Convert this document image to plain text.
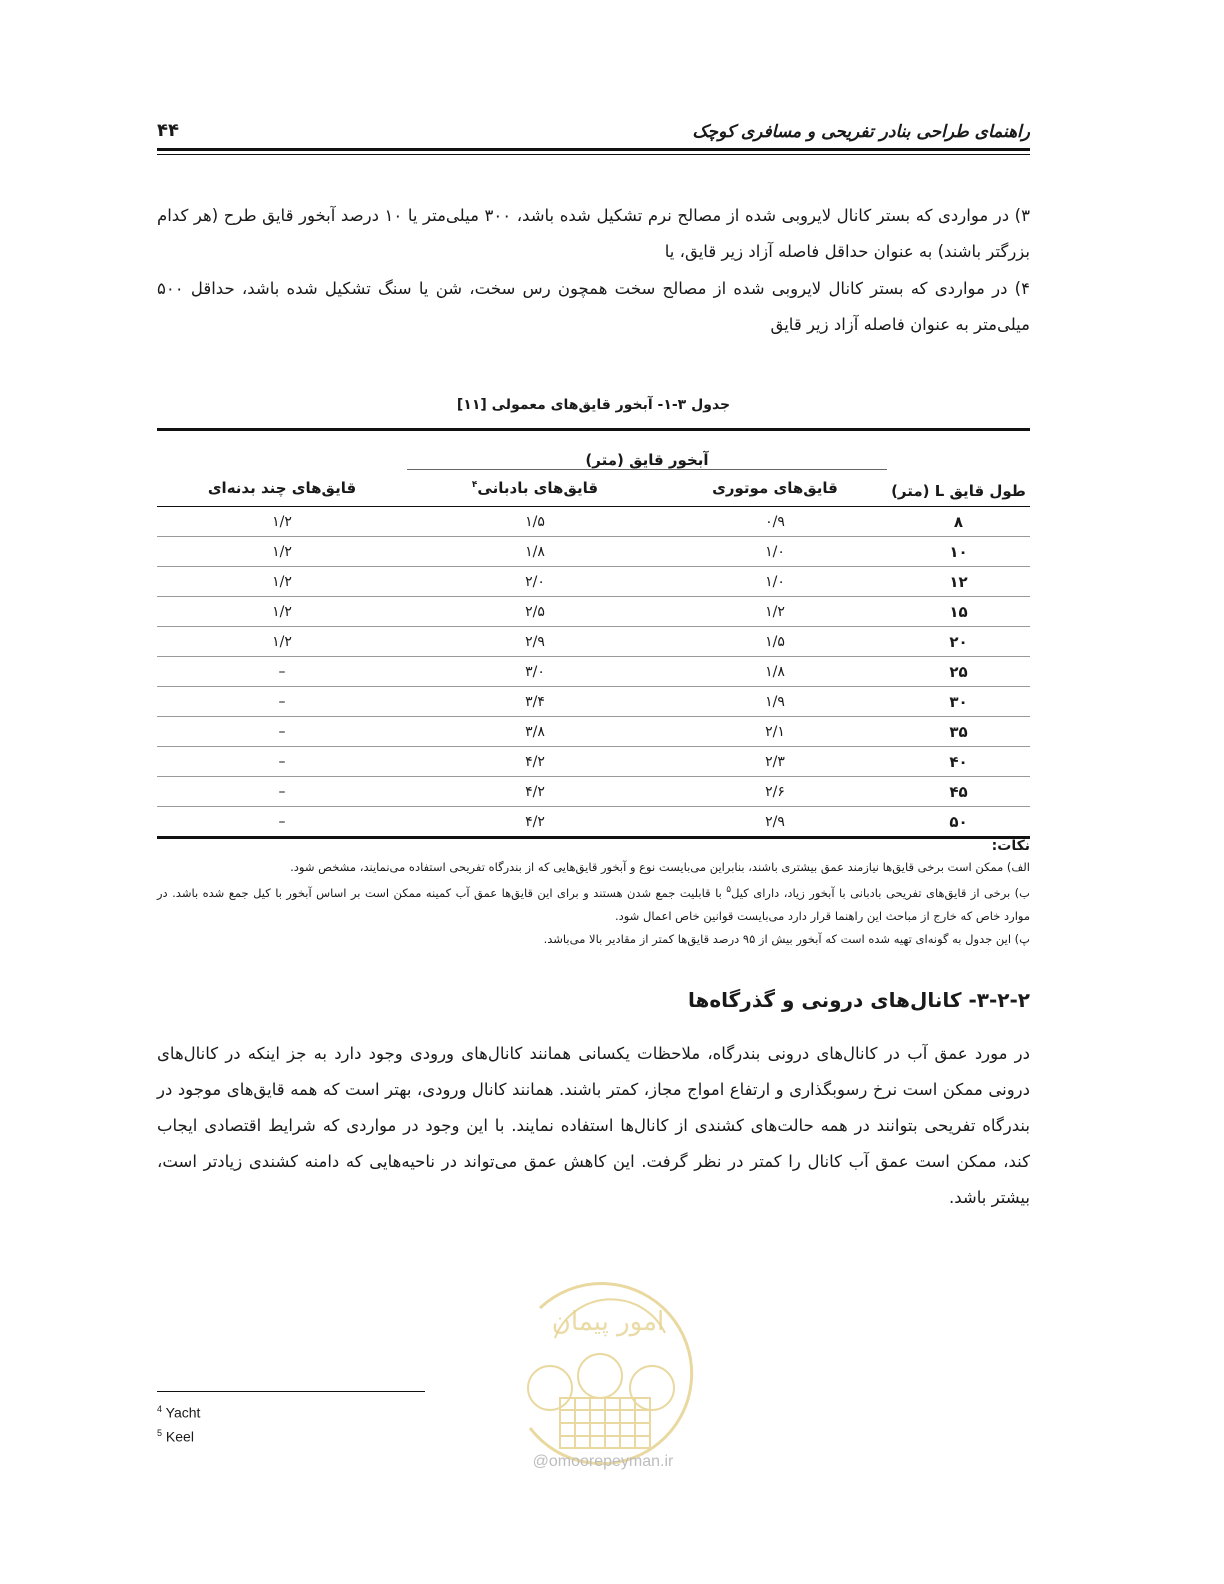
راهنمای طراحی بنادر تفریحی و مسافری کوچک
۴۴
۳) در مواردی که بستر کانال لایروبی شده از مصالح نرم تشکیل شده باشد، ۳۰۰ میلی‌متر یا ۱۰ درصد آبخور قایق طرح (هر کدام بزرگتر باشند) به عنوان حداقل فاصله آزاد زیر قایق، یا
۴) در مواردی که بستر کانال لایروبی شده از مصالح سخت همچون رس سخت، شن یا سنگ تشکیل شده باشد، حداقل ۵۰۰ میلی‌متر به عنوان فاصله آزاد زیر قایق
جدول ۳-۱- آبخور قایق‌های معمولی [۱۱]
طول قایق L (متر)	آبخور قایق (متر)		
	قایق‌های موتوری	قایق‌های بادبانی$^۴$	قایق‌های چند بدنه‌ای
۸	۰/۹	۱/۵	۱/۲
۱۰	۱/۰	۱/۸	۱/۲
۱۲	۱/۰	۲/۰	۱/۲
۱۵	۱/۲	۲/۵	۱/۲
۲۰	۱/۵	۲/۹	۱/۲
۲۵	۱/۸	۳/۰	–
۳۰	۱/۹	۳/۴	–
۳۵	۲/۱	۳/۸	–
۴۰	۲/۳	۴/۲	–
۴۵	۲/۶	۴/۲	–
۵۰	۲/۹	۴/۲	–
نکات:
الف) ممکن است برخی قایق‌ها نیازمند عمق بیشتری باشند، بنابراین می‌بایست نوع و آبخور قایق‌هایی که از بندرگاه تفریحی استفاده می‌نمایند، مشخص شود.
ب) برخی از قایق‌های تفریحی بادبانی با آبخور زیاد، دارای کیل$^۵$ با قابلیت جمع شدن هستند و برای این قایق‌ها عمق آب کمینه ممکن است بر اساس آبخور با کیل جمع شده باشد. در موارد خاص که خارج از مباحث این راهنما قرار دارد می‌بایست قوانین خاص اعمال شود.
پ) این جدول به گونه‌ای تهیه شده است که آبخور بیش از ۹۵ درصد قایق‌ها کمتر از مقادیر بالا می‌باشد.
۳-۲-۲- کانال‌های درونی و گذرگاه‌ها
در مورد عمق آب در کانال‌های درونی بندرگاه، ملاحظات یکسانی همانند کانال‌های ورودی وجود دارد به جز اینکه در کانال‌های درونی ممکن است نرخ رسوبگذاری و ارتفاع امواج مجاز، کمتر باشند. همانند کانال ورودی، بهتر است که همه قایق‌های موجود در بندرگاه تفریحی بتوانند در همه حالت‌های کشندی از کانال‌ها استفاده نمایند. با این وجود در مواردی که شرایط اقتصادی ایجاب کند، ممکن است عمق آب کانال را کمتر در نظر گرفت. این کاهش عمق می‌تواند در ناحیه‌هایی که دامنه کشندی زیادتر است، بیشتر باشد.
$^4$ Yacht
$^5$ Keel
امور پیمان
@omoorepeyman.ir
